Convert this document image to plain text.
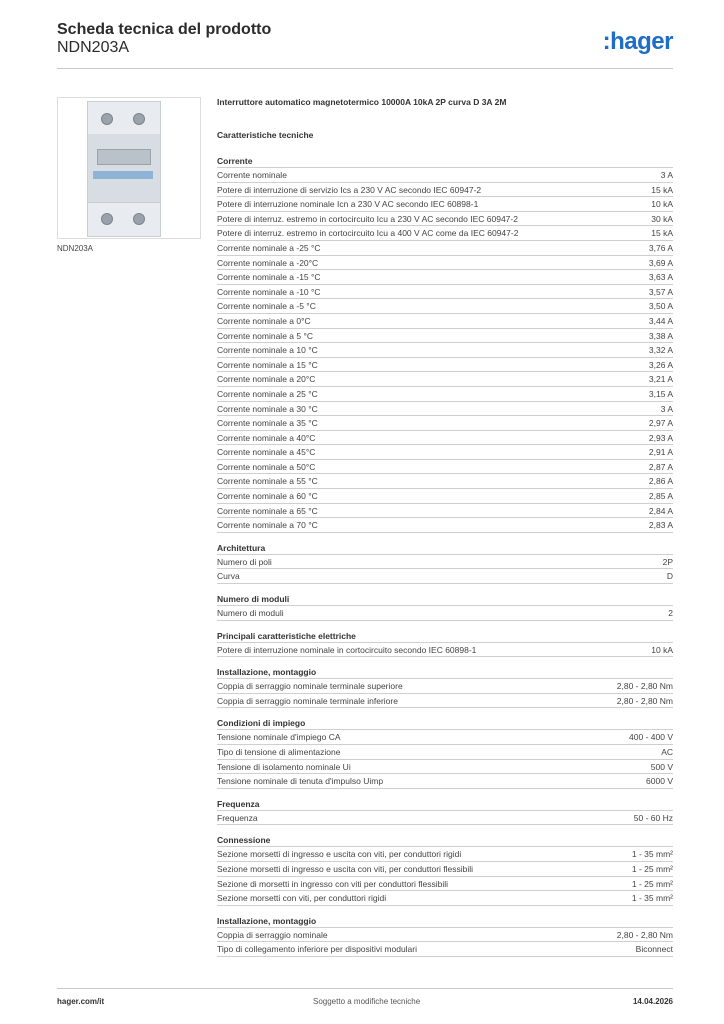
Scheda tecnica del prodotto
NDN203A	:hager
NDN203A
Interruttore automatico magnetotermico 10000A 10kA 2P curva D 3A 2M
Caratteristiche tecniche
Corrente
Corrente nominale	3 A
Potere di interruzione di servizio Ics a 230 V AC secondo IEC 60947-2	15 kA
Potere di interruzione nominale Icn a 230 V AC secondo IEC 60898-1	10 kA
Potere di interruz. estremo in cortocircuito Icu a 230 V AC secondo IEC 60947-2	30 kA
Potere di interruz. estremo in cortocircuito Icu a 400 V AC come da IEC 60947-2	15 kA
Corrente nominale a -25 °C	3,76 A
Corrente nominale a -20°C	3,69 A
Corrente nominale a -15 °C	3,63 A
Corrente nominale a -10 °C	3,57 A
Corrente nominale a -5 °C	3,50 A
Corrente nominale a 0°C	3,44 A
Corrente nominale a 5 °C	3,38 A
Corrente nominale a 10 °C	3,32 A
Corrente nominale a 15 °C	3,26 A
Corrente nominale a 20°C	3,21 A
Corrente nominale a 25 °C	3,15 A
Corrente nominale a 30 °C	3 A
Corrente nominale a 35 °C	2,97 A
Corrente nominale a 40°C	2,93 A
Corrente nominale a 45°C	2,91 A
Corrente nominale a 50°C	2,87 A
Corrente nominale a 55 °C	2,86 A
Corrente nominale a 60 °C	2,85 A
Corrente nominale a 65 °C	2,84 A
Corrente nominale a 70 °C	2,83 A
Architettura
Numero di poli	2P
Curva	D
Numero di moduli
Numero di moduli	2
Principali caratteristiche elettriche
Potere di interruzione nominale in cortocircuito secondo IEC 60898-1	10 kA
Installazione, montaggio
Coppia di serraggio nominale terminale superiore	2,80 - 2,80 Nm
Coppia di serraggio nominale terminale inferiore	2,80 - 2,80 Nm
Condizioni di impiego
Tensione nominale d'impiego CA	400 - 400 V
Tipo di tensione di alimentazione	AC
Tensione di isolamento nominale Ui	500 V
Tensione nominale di tenuta d'impulso Uimp	6000 V
Frequenza
Frequenza	50 - 60 Hz
Connessione
Sezione morsetti di ingresso e uscita con viti, per conduttori rigidi	1 - 35 mm²
Sezione morsetti di ingresso e uscita con viti, per conduttori flessibili	1 - 25 mm²
Sezione di morsetti in ingresso con viti per conduttori flessibili	1 - 25 mm²
Sezione morsetti con viti, per conduttori rigidi	1 - 35 mm²
Installazione, montaggio
Coppia di serraggio nominale	2,80 - 2,80 Nm
Tipo di collegamento inferiore per dispositivi modulari	Biconnect
hager.com/it	Soggetto a modifiche tecniche	14.04.2026
